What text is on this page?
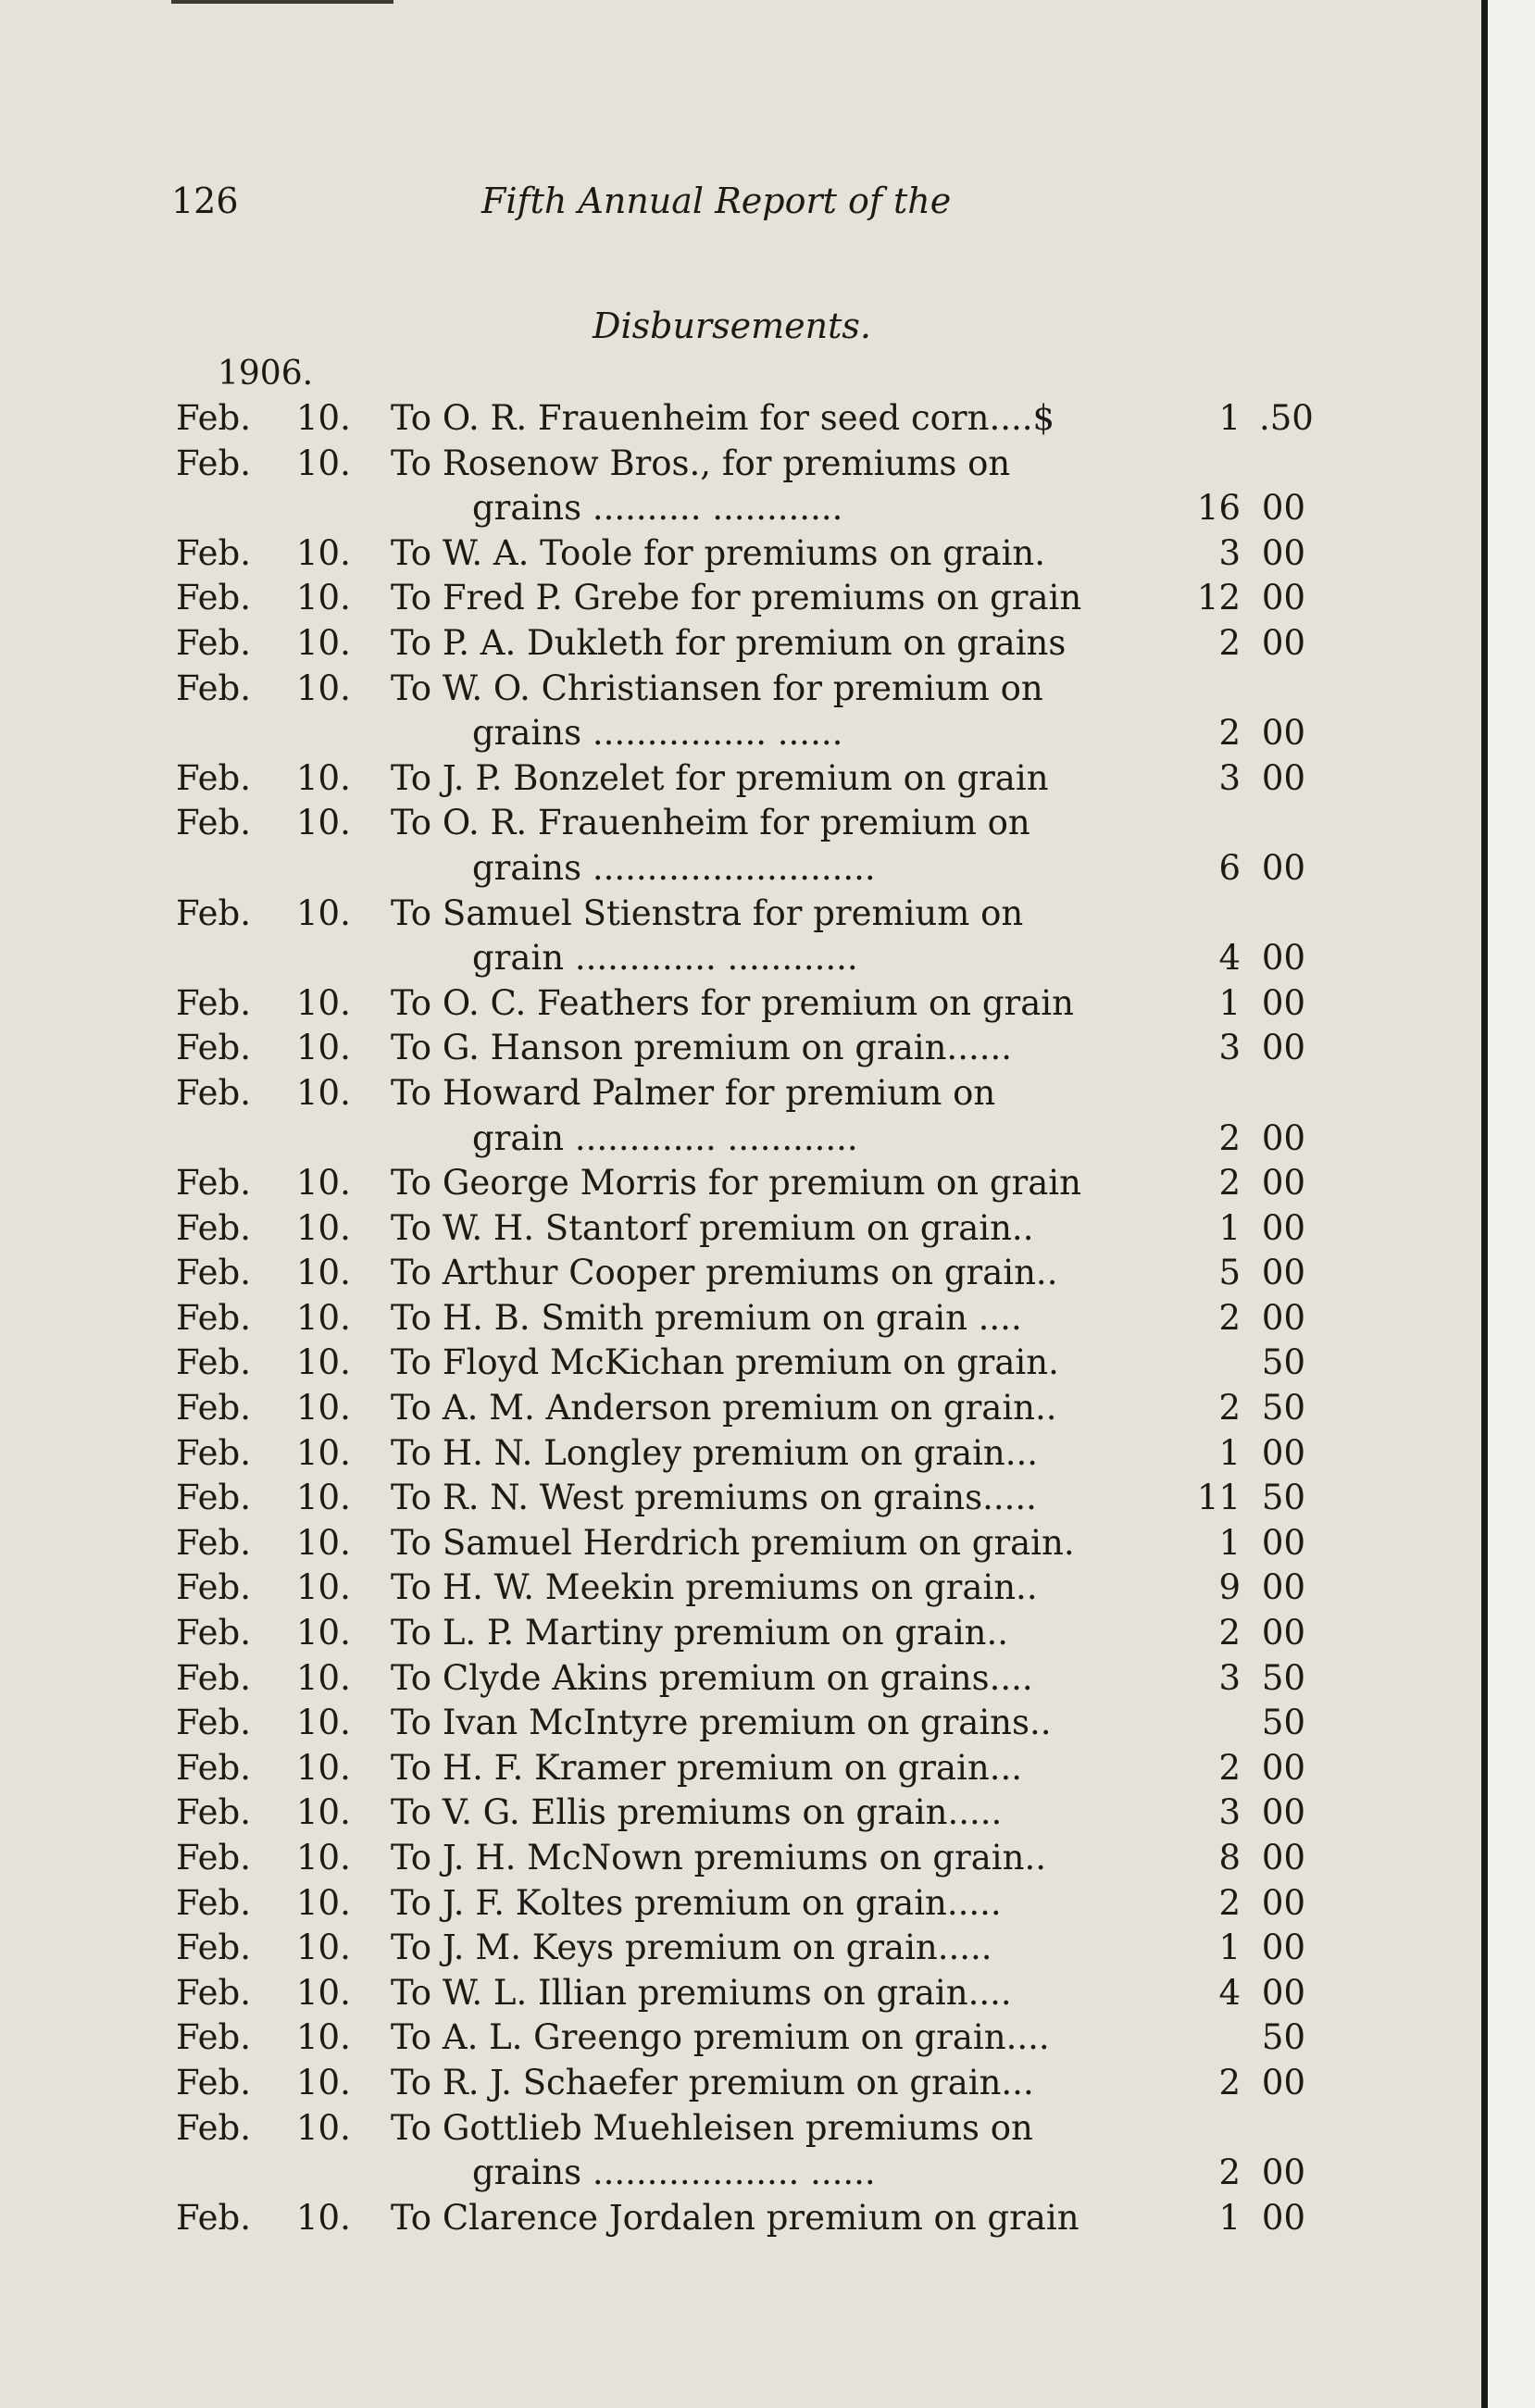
126	Fifth Annual Report of the
Disbursements.
1906.
Feb. 10. To O. R. Frauenheim for seed corn....$	1 .50
Feb. 10. To Rosenow Bros., for premiums on
grains .......... ............	16 00
Feb. 10. To W. A. Toole for premiums on grain.	3 00
Feb. 10. To Fred P. Grebe for premiums on grain	12 00
Feb. 10. To P. A. Dukleth for premium on grains	2 00
Feb. 10. To W. O. Christiansen for premium on
grains ................ ......	2 00
Feb. 10. To J. P. Bonzelet for premium on grain	3 00
Feb. 10. To O. R. Frauenheim for premium on
grains ..........................	6 00
Feb. 10. To Samuel Stienstra for premium on
grain ............. ............	4 00
Feb. 10. To O. C. Feathers for premium on grain	1 00
Feb. 10. To G. Hanson premium on grain......	3 00
Feb. 10. To Howard Palmer for premium on
grain ............. ............	2 00
Feb. 10. To George Morris for premium on grain	2 00
Feb. 10. To W. H. Stantorf premium on grain..	1 00
Feb. 10. To Arthur Cooper premiums on grain..	5 00
Feb. 10. To H. B. Smith premium on grain ....	2 00
Feb. 10. To Floyd McKichan premium on grain.	50
Feb. 10. To A. M. Anderson premium on grain..	2 50
Feb. 10. To H. N. Longley premium on grain...	1 00
Feb. 10. To R. N. West premiums on grains.....	11 50
Feb. 10. To Samuel Herdrich premium on grain.	1 00
Feb. 10. To H. W. Meekin premiums on grain..	9 00
Feb. 10. To L. P. Martiny premium on grain..	2 00
Feb. 10. To Clyde Akins premium on grains....	3 50
Feb. 10. To Ivan McIntyre premium on grains..	50
Feb. 10. To H. F. Kramer premium on grain...	2 00
Feb. 10. To V. G. Ellis premiums on grain.....	3 00
Feb. 10. To J. H. McNown premiums on grain..	8 00
Feb. 10. To J. F. Koltes premium on grain.....	2 00
Feb. 10. To J. M. Keys premium on grain.....	1 00
Feb. 10. To W. L. Illian premiums on grain....	4 00
Feb. 10. To A. L. Greengo premium on grain....	50
Feb. 10. To R. J. Schaefer premium on grain...	2 00
Feb. 10. To Gottlieb Muehleisen premiums on
grains ................... ......	2 00
Feb. 10. To Clarence Jordalen premium on grain	1 00
